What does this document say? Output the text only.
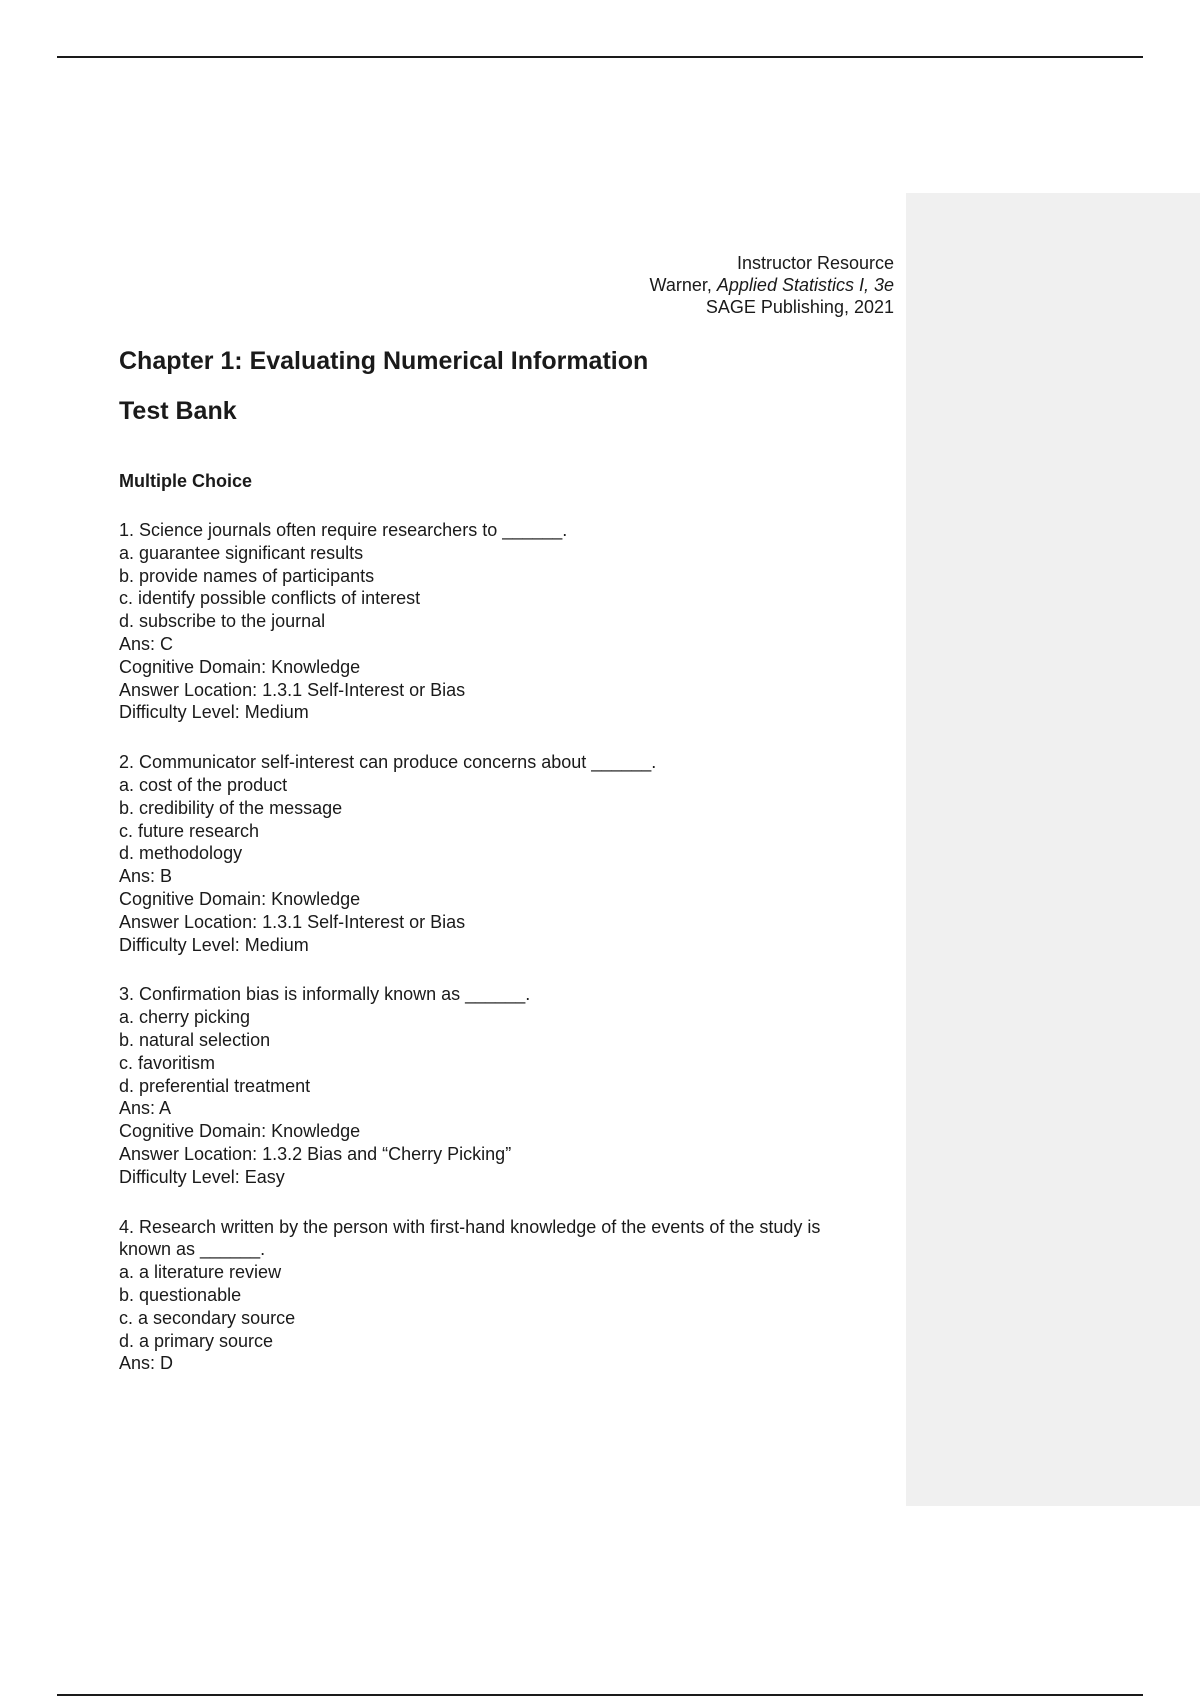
Instructor Resource
Warner, Applied Statistics I, 3e
SAGE Publishing, 2021
Chapter 1: Evaluating Numerical Information
Test Bank
Multiple Choice
1. Science journals often require researchers to ______.
a. guarantee significant results
b. provide names of participants
c. identify possible conflicts of interest
d. subscribe to the journal
Ans: C
Cognitive Domain: Knowledge
Answer Location: 1.3.1 Self-Interest or Bias
Difficulty Level: Medium
2. Communicator self-interest can produce concerns about ______.
a. cost of the product
b. credibility of the message
c. future research
d. methodology
Ans: B
Cognitive Domain: Knowledge
Answer Location: 1.3.1 Self-Interest or Bias
Difficulty Level: Medium
3. Confirmation bias is informally known as ______.
a. cherry picking
b. natural selection
c. favoritism
d. preferential treatment
Ans: A
Cognitive Domain: Knowledge
Answer Location: 1.3.2 Bias and “Cherry Picking”
Difficulty Level: Easy
4. Research written by the person with first-hand knowledge of the events of the study is
known as ______.
a. a literature review
b. questionable
c. a secondary source
d. a primary source
Ans: D
